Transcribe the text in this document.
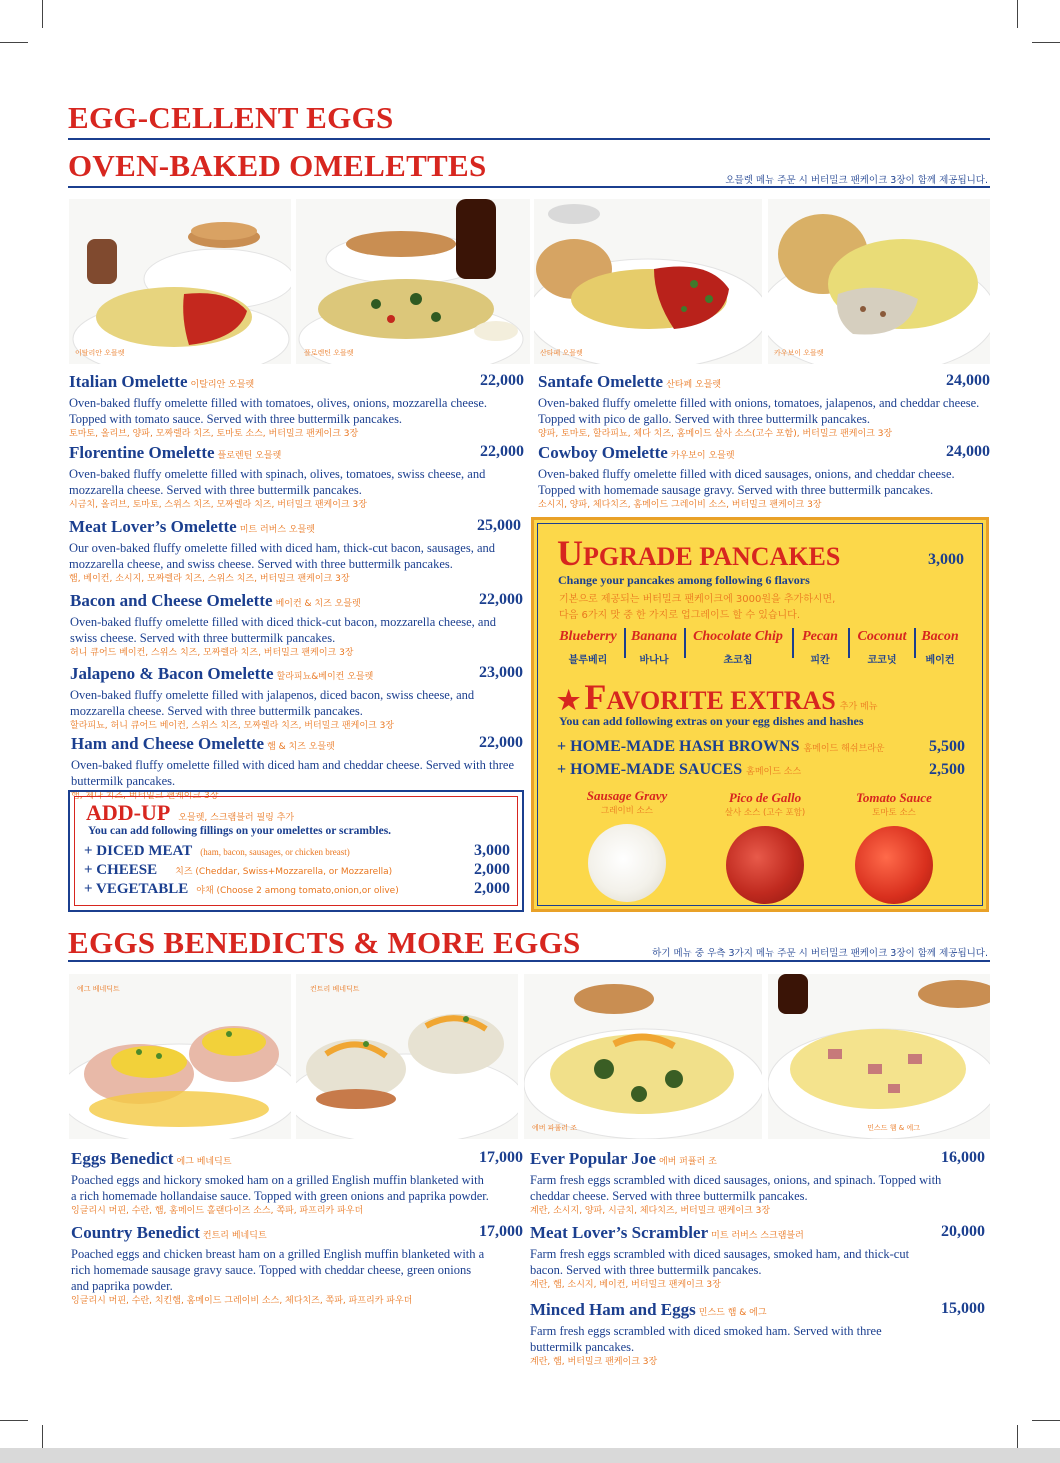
EGG-CELLENT EGGS
OVEN-BAKED OMELETTES	오믈렛 메뉴 주문 시 버터밀크 팬케이크 3장이 함께 제공됩니다.
이탈리안 오믈렛	플로렌틴 오믈렛	산타페 오믈렛	카우보이 오믈렛
Italian Omelette 이탈리안 오믈렛	22,000
Oven-baked fluffy omelette filled with tomatoes, olives, onions, mozzarella cheese. Topped with tomato sauce. Served with three buttermilk pancakes.
토마토, 올리브, 양파, 모짜렐라 치즈, 토마토 소스, 버터밀크 팬케이크 3장
Florentine Omelette 플로렌틴 오믈렛	22,000
Oven-baked fluffy omelette filled with spinach, olives, tomatoes, swiss cheese, and mozzarella cheese. Served with three buttermilk pancakes.
시금치, 올리브, 토마토, 스위스 치즈, 모짜렐라 치즈, 버터밀크 팬케이크 3장
Meat Lover’s Omelette 미트 러버스 오믈렛	25,000
Our oven-baked fluffy omelette filled with diced ham, thick-cut bacon, sausages, and mozzarella cheese, and swiss cheese. Served with three buttermilk pancakes.
햄, 베이컨, 소시지, 모짜렐라 치즈, 스위스 치즈, 버터밀크 팬케이크 3장
Bacon and Cheese Omelette 베이컨 & 치즈 오믈렛	22,000
Oven-baked fluffy omelette filled with diced thick-cut bacon, mozzarella cheese, and swiss cheese. Served with three buttermilk pancakes.
허니 큐어드 베이컨, 스위스 치즈, 모짜렐라 치즈, 버터밀크 팬케이크 3장
Jalapeno & Bacon Omelette 할라피뇨&베이컨 오믈렛	23,000
Oven-baked fluffy omelette filled with jalapenos, diced bacon, swiss cheese, and mozzarella cheese. Served with three buttermilk pancakes.
할라피뇨, 허니 큐어드 베이컨, 스위스 치즈, 모짜렐라 치즈, 버터밀크 팬케이크 3장
Ham and Cheese Omelette 햄 & 치즈 오믈렛	22,000
Oven-baked fluffy omelette filled with diced ham and cheddar cheese. Served with three buttermilk pancakes.
햄, 체다 치즈, 버터밀크 팬케이크 3장
Santafe Omelette 산타페 오믈렛	24,000
Oven-baked fluffy omelette filled with onions, tomatoes, jalapenos, and cheddar cheese. Topped with pico de gallo. Served with three buttermilk pancakes.
양파, 토마토, 할라피뇨, 체다 치즈, 홈메이드 살사 소스(고수 포함), 버터밀크 팬케이크 3장
Cowboy Omelette 카우보이 오믈렛	24,000
Oven-baked fluffy omelette filled with diced sausages, onions, and cheddar cheese. Topped with homemade sausage gravy. Served with three buttermilk pancakes.
소시지, 양파, 체다치즈, 홈메이드 그레이비 소스, 버터밀크 팬케이크 3장
ADD-UP 오믈렛, 스크램블러 필링 추가
You can add following fillings on your omelettes or scrambles.
+ DICED MEAT (ham, bacon, sausages, or chicken breast)	3,000
+ CHEESE 치즈 (Cheddar, Swiss+Mozzarella, or Mozzarella)	2,000
+ VEGETABLE 야채 (Choose 2 among tomato,onion,or olive)	2,000
UPGRADE PANCAKES	3,000
Change your pancakes among following 6 flavors
기본으로 제공되는 버터밀크 팬케이크에 3000원을 추가하시면,
다음 6가지 맛 중 한 가지로 업그레이드 할 수 있습니다.
Blueberry
블루베리
Banana
바나나
Chocolate Chip
초코칩
Pecan
피칸
Coconut
코코넛
Bacon
베이컨
★ FAVORITE EXTRAS 추가 메뉴
You can add following extras on your egg dishes and hashes
+ HOME-MADE HASH BROWNS 홈메이드 해쉬브라운	5,500
+ HOME-MADE SAUCES 홈메이드 소스	2,500
Sausage Gravy
그레이비 소스
Pico de Gallo
살사 소스 (고수 포함)
Tomato Sauce
토마토 소스
EGGS BENEDICTS & MORE EGGS	하기 메뉴 중 우측 3가지 메뉴 주문 시 버터밀크 팬케이크 3장이 함께 제공됩니다.
에그 베네딕트	컨트리 베네딕트
에버 파퓰러 조	민스드 햄 & 에그
Eggs Benedict 에그 베네딕트	17,000
Poached eggs and hickory smoked ham on a grilled English muffin blanketed with a rich homemade hollandaise sauce. Topped with green onions and paprika powder.
잉글리시 머핀, 수란, 햄, 홈메이드 홀랜다이즈 소스, 쪽파, 파프리카 파우더
Country Benedict 컨트리 베네딕트	17,000
Poached eggs and chicken breast ham on a grilled English muffin blanketed with a rich homemade sausage gravy sauce. Topped with cheddar cheese, green onions and paprika powder.
잉글리시 머핀, 수란, 치킨햄, 홈메이드 그레이비 소스, 체다치즈, 쪽파, 파프리카 파우더
Ever Popular Joe 에버 퍼퓰러 조	16,000
Farm fresh eggs scrambled with diced sausages, onions, and spinach. Topped with cheddar cheese. Served with three buttermilk pancakes.
계란, 소시지, 양파, 시금치, 체다치즈, 버터밀크 팬케이크 3장
Meat Lover’s Scrambler 미트 러버스 스크램블러	20,000
Farm fresh eggs scrambled with diced sausages, smoked ham, and thick-cut bacon. Served with three buttermilk pancakes.
계란, 햄, 소시지, 베이컨, 버터밀크 팬케이크 3장
Minced Ham and Eggs 민스드 햄 & 에그	15,000
Farm fresh eggs scrambled with diced smoked ham. Served with three buttermilk pancakes.
계란, 햄, 버터밀크 팬케이크 3장
